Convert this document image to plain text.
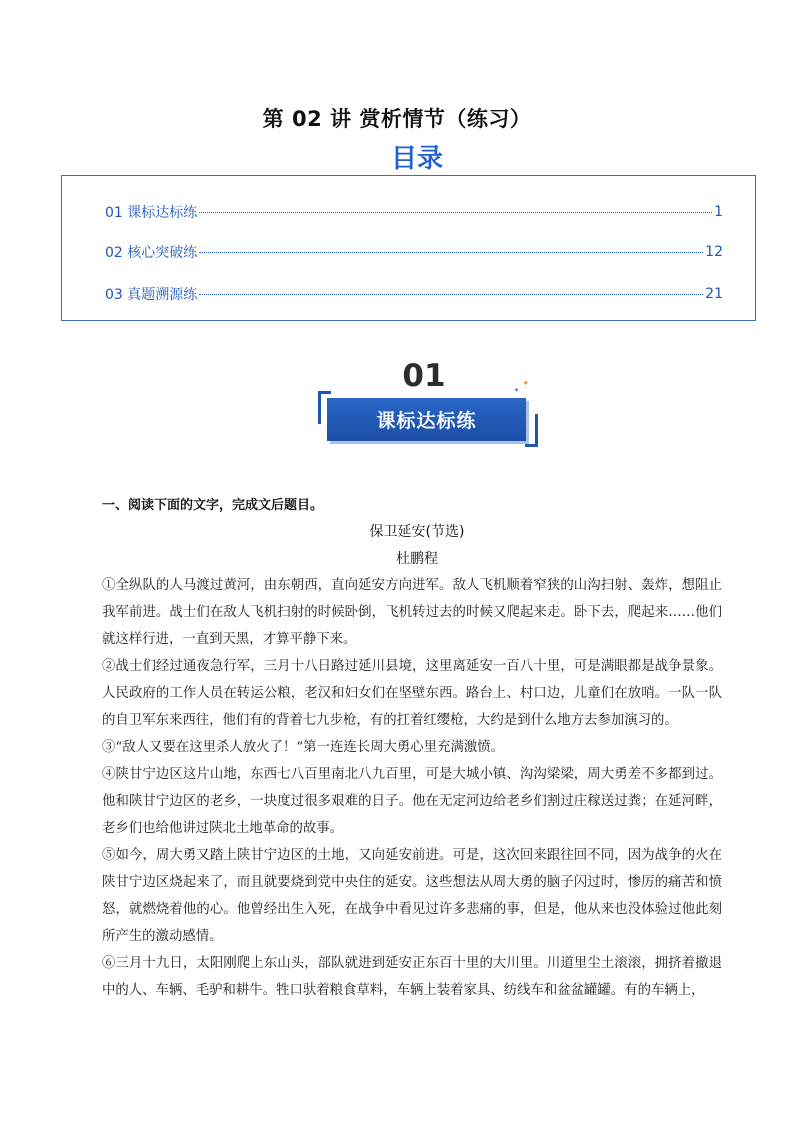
第 02 讲 赏析情节（练习）
目录
01 课标达标练	1
02 核心突破练	12
03 真题溯源练	21
01
课标达标练
✦
✦
一、阅读下面的文字，完成文后题目。
保卫延安(节选)
杜鹏程
①全纵队的人马渡过黄河，由东朝西，直向延安方向进军。敌人飞机顺着窄狭的山沟扫射、轰炸，想阻止我军前进。战士们在敌人飞机扫射的时候卧倒，飞机转过去的时候又爬起来走。卧下去，爬起来……他们就这样行进，一直到天黑，才算平静下来。
②战士们经过通夜急行军，三月十八日路过延川县境，这里离延安一百八十里，可是满眼都是战争景象。人民政府的工作人员在转运公粮，老汉和妇女们在坚壁东西。路台上、村口边，儿童们在放哨。一队一队的自卫军东来西往，他们有的背着七九步枪，有的扛着红缨枪，大约是到什么地方去参加演习的。
③“敌人又要在这里杀人放火了！”第一连连长周大勇心里充满激愤。
④陕甘宁边区这片山地，东西七八百里南北八九百里，可是大城小镇、沟沟梁梁，周大勇差不多都到过。他和陕甘宁边区的老乡，一块度过很多艰难的日子。他在无定河边给老乡们割过庄稼送过粪；在延河畔，老乡们也给他讲过陕北土地革命的故事。
⑤如今，周大勇又踏上陕甘宁边区的土地，又向延安前进。可是，这次回来跟往回不同，因为战争的火在陕甘宁边区烧起来了，而且就要烧到党中央住的延安。这些想法从周大勇的脑子闪过时，惨厉的痛苦和愤怒，就燃烧着他的心。他曾经出生入死，在战争中看见过许多悲痛的事，但是，他从来也没体验过他此刻所产生的激动感情。
⑥三月十九日，太阳刚爬上东山头，部队就进到延安正东百十里的大川里。川道里尘土滚滚，拥挤着撤退中的人、车辆、毛驴和耕牛。牲口驮着粮食草料，车辆上装着家具、纺线车和盆盆罐罐。有的车辆上，
